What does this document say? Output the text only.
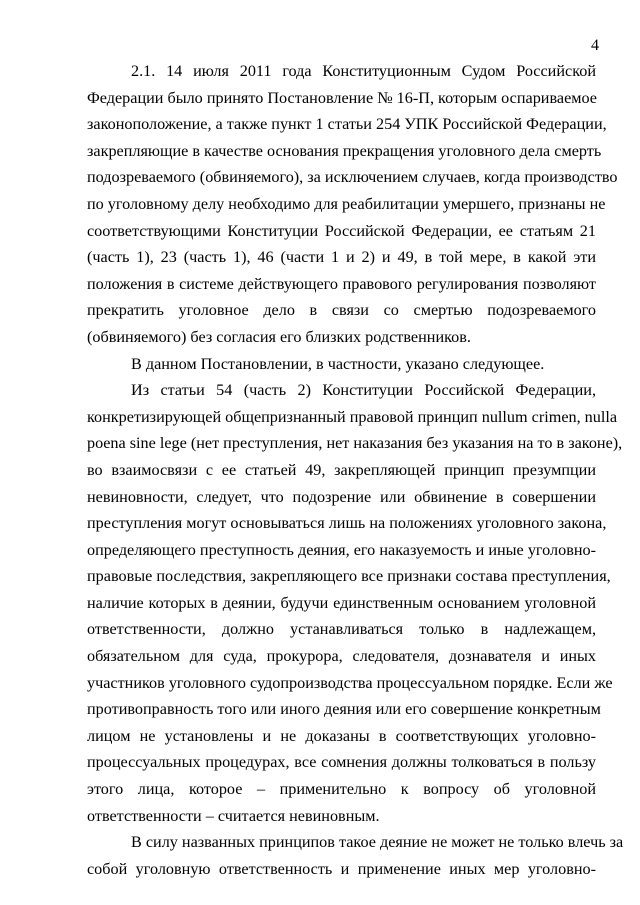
4
2.1. 14 июля 2011 года Конституционным Судом Российской
Федерации было принято Постановление № 16-П, которым оспариваемое
законоположение, а также пункт 1 статьи 254 УПК Российской Федерации,
закрепляющие в качестве основания прекращения уголовного дела смерть
подозреваемого (обвиняемого), за исключением случаев, когда производство
по уголовному делу необходимо для реабилитации умершего, признаны не
соответствующими Конституции Российской Федерации, ее статьям 21
(часть 1), 23 (часть 1), 46 (части 1 и 2) и 49, в той мере, в какой эти
положения в системе действующего правового регулирования позволяют
прекратить уголовное дело в связи со смертью подозреваемого
(обвиняемого) без согласия его близких родственников.
В данном Постановлении, в частности, указано следующее.
Из статьи 54 (часть 2) Конституции Российской Федерации,
конкретизирующей общепризнанный правовой принцип nullum crimen, nulla
poena sine lege (нет преступления, нет наказания без указания на то в законе),
во взаимосвязи с ее статьей 49, закрепляющей принцип презумпции
невиновности, следует, что подозрение или обвинение в совершении
преступления могут основываться лишь на положениях уголовного закона,
определяющего преступность деяния, его наказуемость и иные уголовно-
правовые последствия, закрепляющего все признаки состава преступления,
наличие которых в деянии, будучи единственным основанием уголовной
ответственности, должно устанавливаться только в надлежащем,
обязательном для суда, прокурора, следователя, дознавателя и иных
участников уголовного судопроизводства процессуальном порядке. Если же
противоправность того или иного деяния или его совершение конкретным
лицом не установлены и не доказаны в соответствующих уголовно-
процессуальных процедурах, все сомнения должны толковаться в пользу
этого лица, которое – применительно к вопросу об уголовной
ответственности – считается невиновным.
В силу названных принципов такое деяние не может не только влечь за
собой уголовную ответственность и применение иных мер уголовно-
